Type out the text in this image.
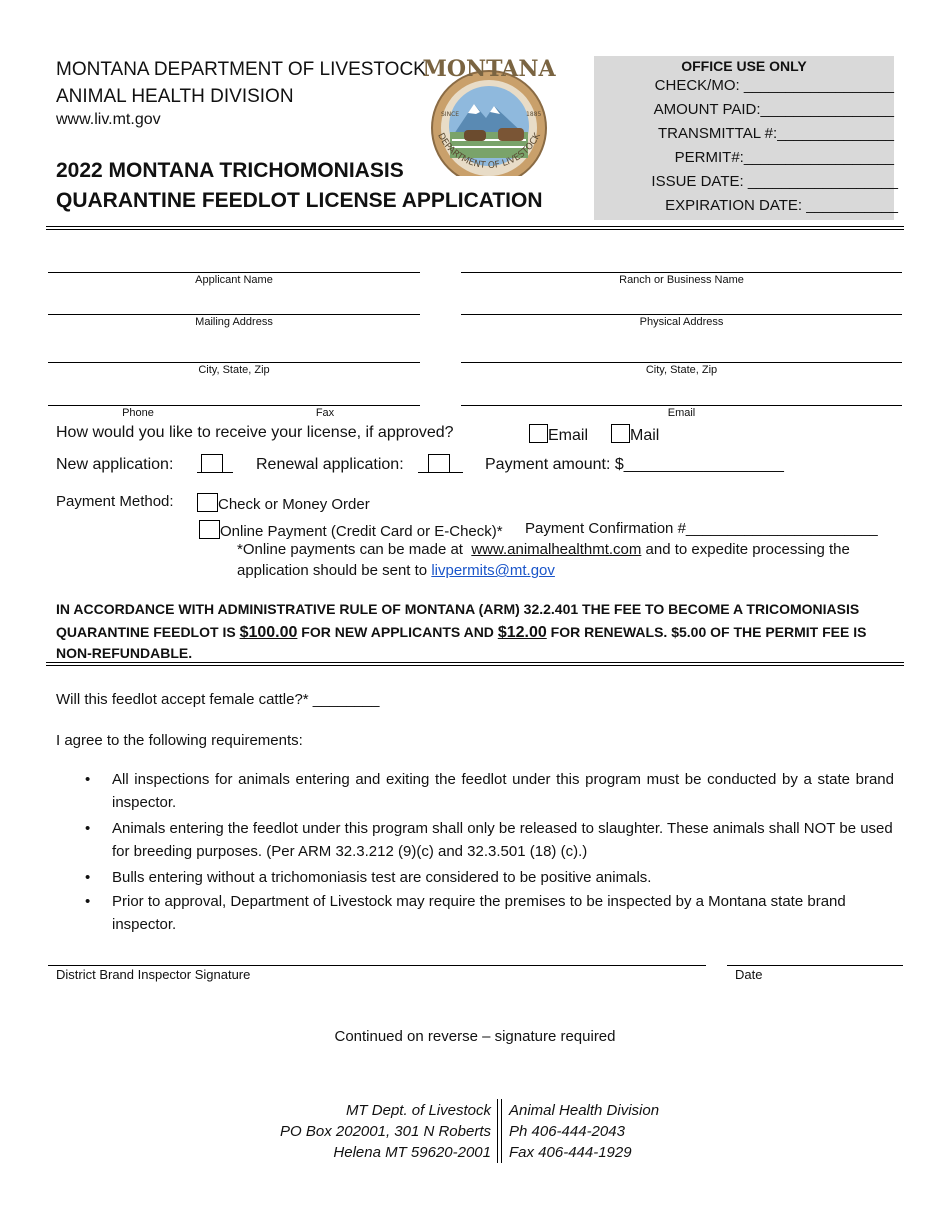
MONTANA DEPARTMENT OF LIVESTOCK
ANIMAL HEALTH DIVISION
www.liv.mt.gov
2022 MONTANA TRICHOMONIASIS
QUARANTINE FEEDLOT LICENSE APPLICATION
MONTANA
DEPARTMENT OF LIVESTOCK
SINCE	1885
OFFICE USE ONLY
CHECK/MO: __________________
AMOUNT PAID:________________
TRANSMITTAL #:______________
PERMIT#:__________________
ISSUE DATE: __________________
EXPIRATION DATE: ___________
Applicant Name	Ranch or Business Name
Mailing Address	Physical Address
City, State, Zip	City, State, Zip
Phone	Fax	Email
How would you like to receive your license, if approved?	Email	Mail
New application:	Renewal application:	Payment amount: $__________________
Payment Method:	Check or Money Order
Online Payment (Credit Card or E-Check)* Payment Confirmation #_______________________
*Online payments can be made at www.animalhealthmt.com and to expedite processing the
application should be sent to livpermits@mt.gov
IN ACCORDANCE WITH ADMINISTRATIVE RULE OF MONTANA (ARM) 32.2.401 THE FEE TO BECOME A TRICOMONIASIS
QUARANTINE FEEDLOT IS $100.00 FOR NEW APPLICANTS AND $12.00 FOR RENEWALS. $5.00 OF THE PERMIT FEE IS
NON-REFUNDABLE.
Will this feedlot accept female cattle?* ________
I agree to the following requirements:
• All inspections for animals entering and exiting the feedlot under this program must be conducted by a state brand inspector.
• Animals entering the feedlot under this program shall only be released to slaughter. These animals shall NOT be used for breeding purposes. (Per ARM 32.3.212 (9)(c) and 32.3.501 (18) (c).)
• Bulls entering without a trichomoniasis test are considered to be positive animals.
• Prior to approval, Department of Livestock may require the premises to be inspected by a Montana state brand inspector.
District Brand Inspector Signature	Date
Continued on reverse – signature required
MT Dept. of Livestock
PO Box 202001, 301 N Roberts
Helena MT 59620-2001
Animal Health Division
Ph 406-444-2043
Fax 406-444-1929
